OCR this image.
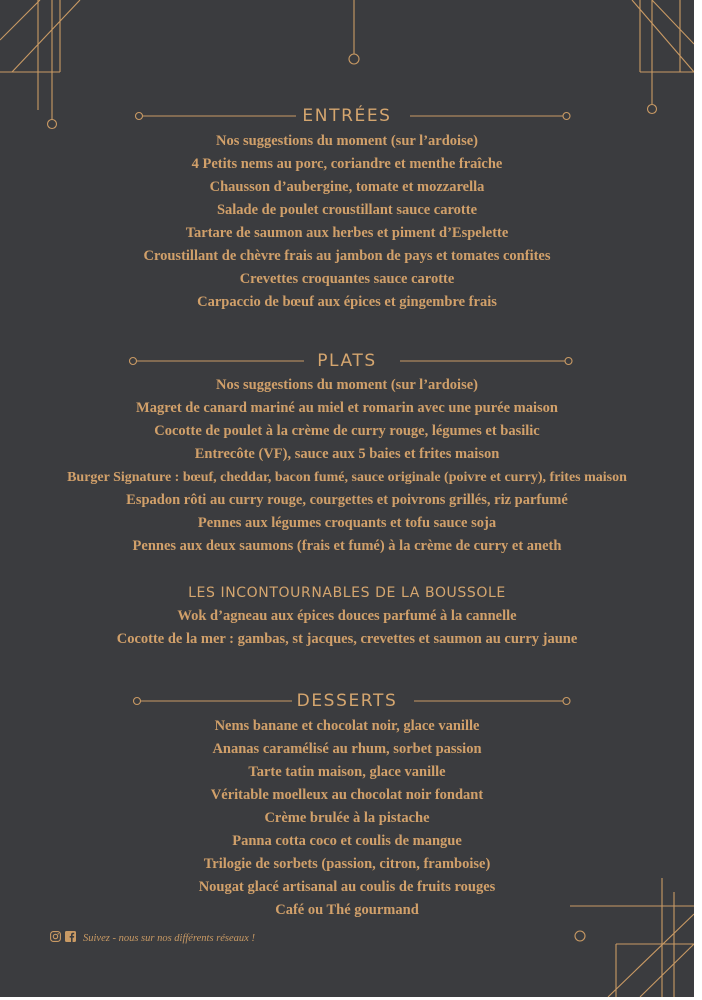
ENTRÉES
Nos suggestions du moment (sur l’ardoise)
4 Petits nems au porc, coriandre et menthe fraîche
Chausson d’aubergine, tomate et mozzarella
Salade de poulet croustillant sauce carotte
Tartare de saumon aux herbes et piment d’Espelette
Croustillant de chèvre frais au jambon de pays et tomates confites
Crevettes croquantes sauce carotte
Carpaccio de bœuf aux épices et gingembre frais
PLATS
Nos suggestions du moment (sur l’ardoise)
Magret de canard mariné au miel et romarin avec une purée maison
Cocotte de poulet à la crème de curry rouge, légumes et basilic
Entrecôte (VF), sauce aux 5 baies et frites maison
Burger Signature : bœuf, cheddar, bacon fumé, sauce originale (poivre et curry), frites maison
Espadon rôti au curry rouge, courgettes et poivrons grillés, riz parfumé
Pennes aux légumes croquants et tofu sauce soja
Pennes aux deux saumons (frais et fumé) à la crème de curry et aneth
LES INCONTOURNABLES DE LA BOUSSOLE
Wok d’agneau aux épices douces parfumé à la cannelle
Cocotte de la mer : gambas, st jacques, crevettes et saumon au curry jaune
DESSERTS
Nems banane et chocolat noir, glace vanille
Ananas caramélisé au rhum, sorbet passion
Tarte tatin maison, glace vanille
Véritable moelleux au chocolat noir fondant
Crème brulée à la pistache
Panna cotta coco et coulis de mangue
Trilogie de sorbets (passion, citron, framboise)
Nougat glacé artisanal au coulis de fruits rouges
Café ou Thé gourmand
Suivez - nous sur nos différents réseaux !
